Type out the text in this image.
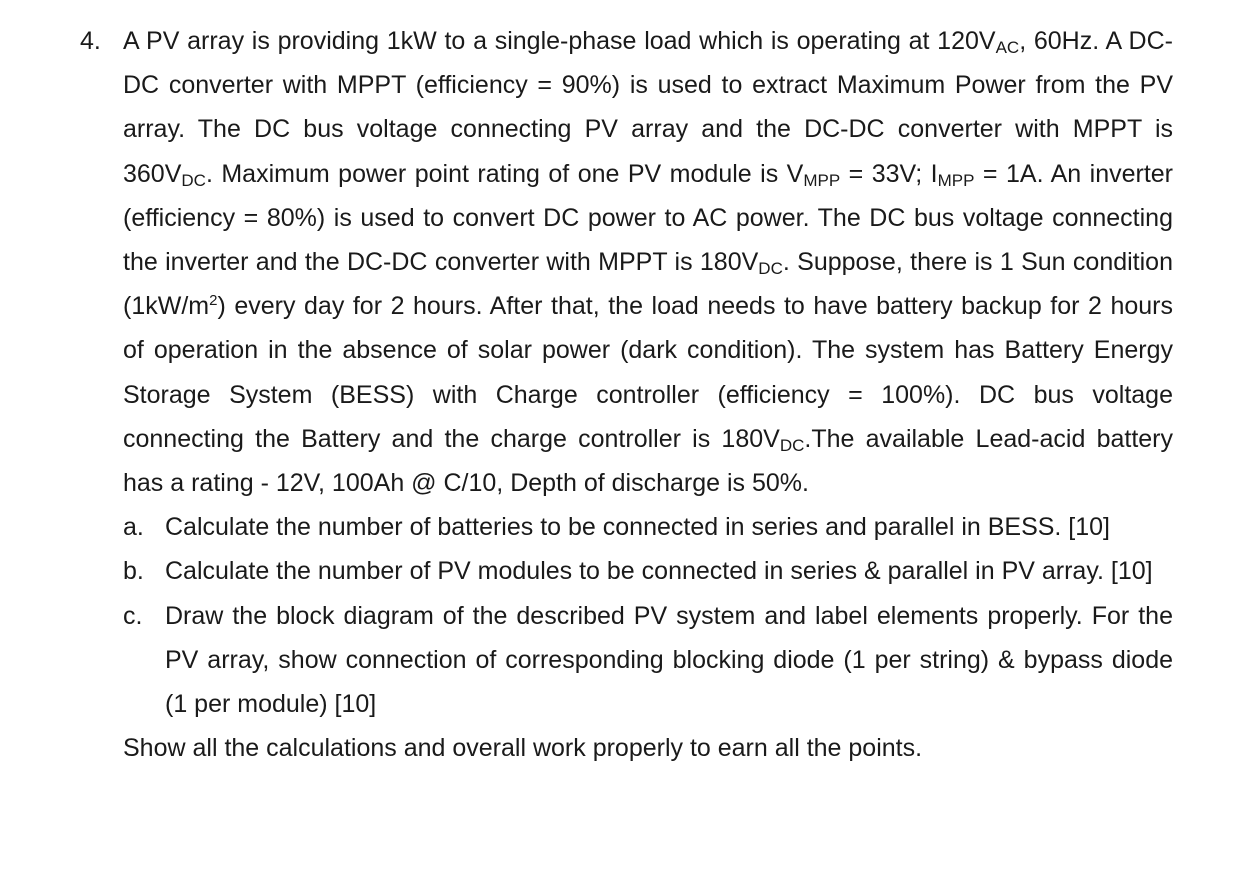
4. A PV array is providing 1kW to a single-phase load which is operating at $120V_{AC}$, 60Hz. A DC-DC converter with MPPT (efficiency = 90%) is used to extract Maximum Power from the PV array. The DC bus voltage connecting PV array and the DC-DC converter with MPPT is $360V_{DC}$. Maximum power point rating of one PV module is $V_{MPP} = 33V$; $I_{MPP} = 1A$. An inverter (efficiency = 80%) is used to convert DC power to AC power. The DC bus voltage connecting the inverter and the DC-DC converter with MPPT is $180V_{DC}$. Suppose, there is 1 Sun condition $(1kW/m^2)$ every day for 2 hours. After that, the load needs to have battery backup for 2 hours of operation in the absence of solar power (dark condition). The system has Battery Energy Storage System (BESS) with Charge controller (efficiency = 100%). DC bus voltage connecting the Battery and the charge controller is $180V_{DC}.The$ available Lead-acid battery has a rating - 12V, 100Ah @ C/10, Depth of discharge is 50%.

a. Calculate the number of batteries to be connected in series and parallel in BESS. [10]
b. Calculate the number of PV modules to be connected in series & parallel in PV array. [10]
c. Draw the block diagram of the described PV system and label elements properly. For the PV array, show connection of corresponding blocking diode (1 per string) & bypass diode (1 per module) [10]

Show all the calculations and overall work properly to earn all the points.
